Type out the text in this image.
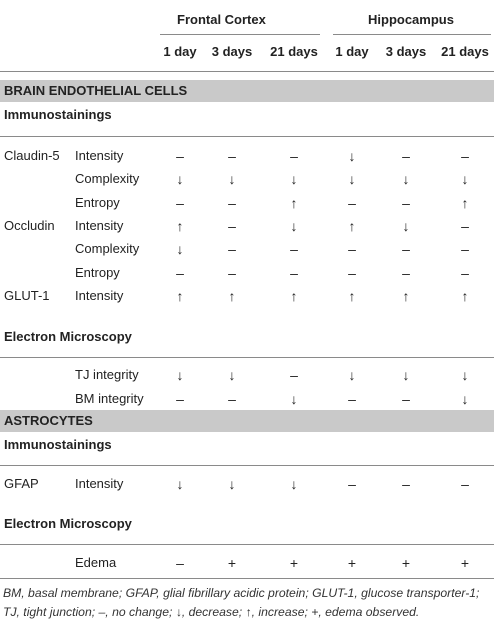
Frontal Cortex	Hippocampus
1 day	3 days	21 days	1 day	3 days	21 days
BRAIN ENDOTHELIAL CELLS
Immunostainings
Claudin-5 Intensity	–	–	–	↓	–	–
Complexity	↓	↓	↓	↓	↓	↓
Entropy	–	–	↑	–	–	↑
Occludin Intensity	↑	–	↓	↑	↓	–
Complexity	↓	–	–	–	–	–
Entropy	–	–	–	–	–	–
GLUT-1 Intensity	↑	↑	↑	↑	↑	↑
Electron Microscopy
TJ integrity	↓	↓	–	↓	↓	↓
BM integrity	–	–	↓	–	–	↓
ASTROCYTES
Immunostainings
GFAP	Intensity	↓	↓	↓	–	–	–
Electron Microscopy
Edema	–	+	+	+	+	+
BM, basal membrane; GFAP, glial fibrillary acidic protein; GLUT-1, glucose transporter-1; TJ, tight junction; –, no change; ↓, decrease; ↑, increase; +, edema observed.
